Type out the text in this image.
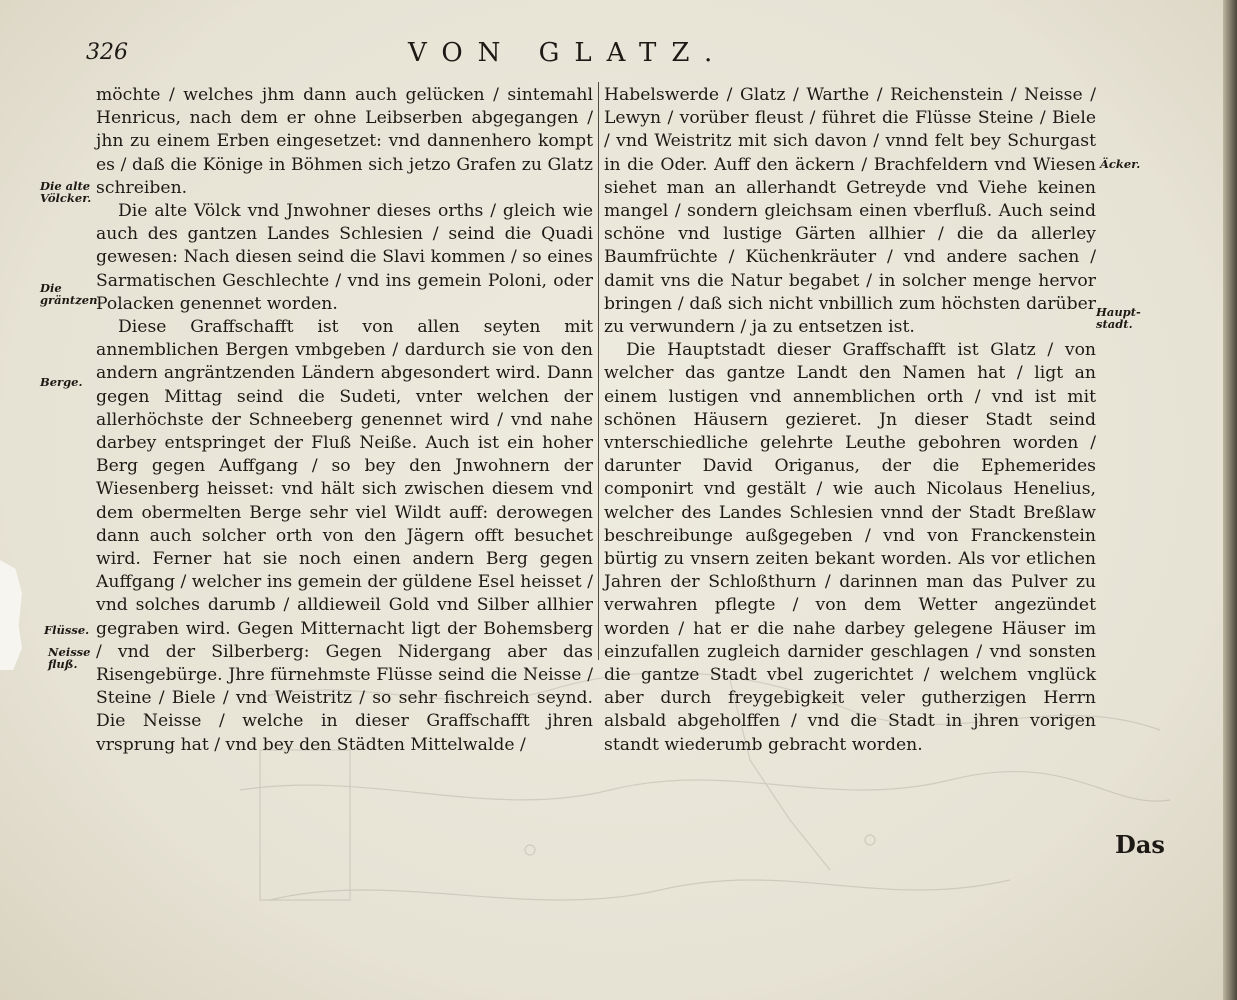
326	VON GLATZ.

möchte / welches jhm dann auch gelücken / sintemahl Henricus, nach dem er ohne Leibserben abgegangen / jhn zu einem Erben eingesetzet: vnd dannenhero kompt es / daß die Könige in Böhmen sich jetzo Grafen zu Glatz schreiben.

Die alte Völck vnd Jnwohner dieses orths / gleich wie auch des gantzen Landes Schlesien / seind die Quadi gewesen: Nach diesen seind die Slavi kommen / so eines Sarmatischen Geschlechte / vnd ins gemein Poloni, oder Polacken genennet worden.

Diese Graffschafft ist von allen seyten mit annemblichen Bergen vmbgeben / dardurch sie von den andern angräntzenden Ländern abgesondert wird. Dann gegen Mittag seind die Sudeti, vnter welchen der allerhöchste der Schneeberg genennet wird / vnd nahe darbey entspringet der Fluß Neiße. Auch ist ein hoher Berg gegen Auffgang / so bey den Jnwohnern der Wiesenberg heisset: vnd hält sich zwischen diesem vnd dem obermelten Berge sehr viel Wildt auff: derowegen dann auch solcher orth von den Jägern offt besuchet wird. Ferner hat sie noch einen andern Berg gegen Auffgang / welcher ins gemein der güldene Esel heisset / vnd solches darumb / alldieweil Gold vnd Silber allhier gegraben wird. Gegen Mitternacht ligt der Bohemsberg / vnd der Silberberg: Gegen Nidergang aber das Risengebürge. Jhre fürnehmste Flüsse seind die Neisse / Steine / Biele / vnd Weistritz / so sehr fischreich seynd. Die Neisse / welche in dieser Graffschafft jhren vrsprung hat / vnd bey den Städten Mittelwalde /

Habelswerde / Glatz / Warthe / Reichenstein / Neisse / Lewyn / vorüber fleust / führet die Flüsse Steine / Biele / vnd Weistritz mit sich davon / vnnd felt bey Schurgast in die Oder. Auff den äckern / Brachfeldern vnd Wiesen siehet man an allerhandt Getreyde vnd Viehe keinen mangel / sondern gleichsam einen vberfluß. Auch seind schöne vnd lustige Gärten allhier / die da allerley Baumfrüchte / Küchenkräuter / vnd andere sachen / damit vns die Natur begabet / in solcher menge hervor bringen / daß sich nicht vnbillich zum höchsten darüber zu verwundern / ja zu entsetzen ist.

Die Hauptstadt dieser Graffschafft ist Glatz / von welcher das gantze Landt den Namen hat / ligt an einem lustigen vnd annemblichen orth / vnd ist mit schönen Häusern gezieret. Jn dieser Stadt seind vnterschiedliche gelehrte Leuthe gebohren worden / darunter David Origanus, der die Ephemerides componirt vnd gestält / wie auch Nicolaus Henelius, welcher des Landes Schlesien vnnd der Stadt Breßlaw beschreibunge außgegeben / vnd von Franckenstein bürtig zu vnsern zeiten bekant worden. Als vor etlichen Jahren der Schloßthurn / darinnen man das Pulver zu verwahren pflegte / von dem Wetter angezündet worden / hat er die nahe darbey gelegene Häuser im einzufallen zugleich darnider geschlagen / vnd sonsten die gantze Stadt vbel zugerichtet / welchem vnglück aber durch freygebigkeit veler gutherzigen Herrn alsbald abgeholffen / vnd die Stadt in jhren vorigen standt wiederumb gebracht worden.

Die alte Völcker.
Die gräntzen.
Berge.
Flüsse.
Neisse fluß.
Äcker.
Haupt-stadt.
Das
